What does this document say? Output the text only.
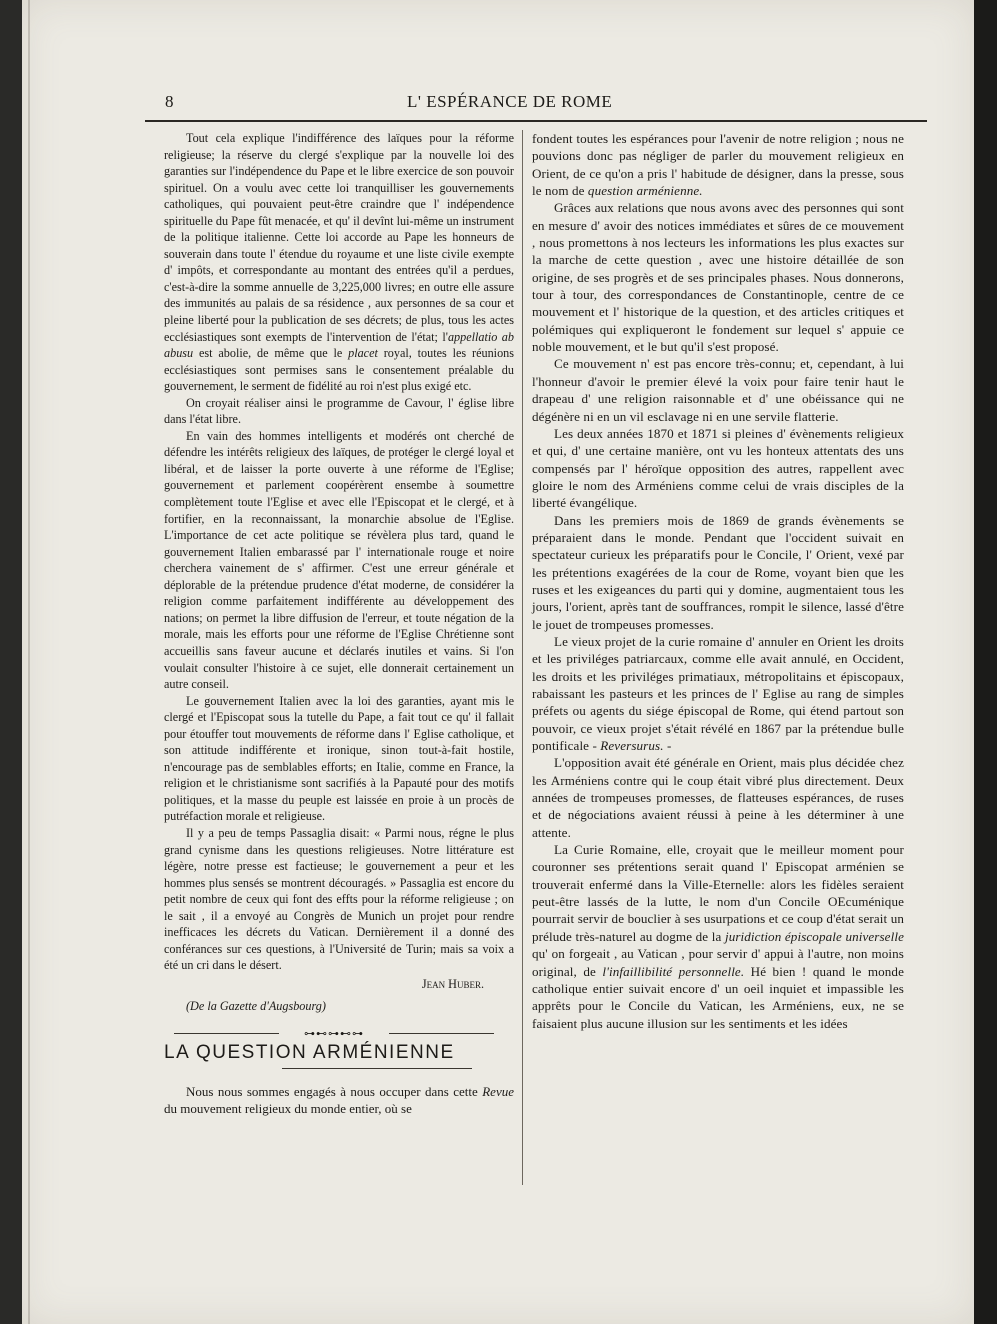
8	L' ESPÉRANCE DE ROME

Tout cela explique l'indifférence des laïques pour la réforme religieuse; la réserve du clergé s'explique par la nouvelle loi des garanties sur l'indépendence du Pape et le libre exercice de son pouvoir spirituel. On a voulu avec cette loi tranquilliser les gouvernements catholiques, qui pouvaient peut-être craindre que l' indépendence spirituelle du Pape fût menacée, et qu' il devînt lui-même un instrument de la politique italienne. Cette loi accorde au Pape les honneurs de souverain dans toute l' étendue du royaume et une liste civile exempte d' impôts, et correspondante au montant des entrées qu'il a perdues, c'est-à-dire la somme annuelle de 3,225,000 livres; en outre elle assure des immunités au palais de sa résidence , aux personnes de sa cour et pleine liberté pour la publication de ses décrets; de plus, tous les actes ecclésiastiques sont exempts de l'intervention de l'état; l'appellatio ab abusu est abolie, de même que le placet royal, toutes les réunions ecclésiastiques sont permises sans le consentement préalable du gouvernement, le serment de fidélité au roi n'est plus exigé etc.

On croyait réaliser ainsi le programme de Cavour, l' église libre dans l'état libre.

En vain des hommes intelligents et modérés ont cherché de défendre les intérêts religieux des laïques, de protéger le clergé loyal et libéral, et de laisser la porte ouverte à une réforme de l'Eglise; gouvernement et parlement coopérèrent ensembe à soumettre complètement toute l'Eglise et avec elle l'Episcopat et le clergé, et à fortifier, en la reconnaissant, la monarchie absolue de l'Eglise. L'importance de cet acte politique se révèlera plus tard, quand le gouvernement Italien embarassé par l' internationale rouge et noire cherchera vainement de s' affirmer. C'est une erreur générale et déplorable de la prétendue prudence d'état moderne, de considérer la religion comme parfaitement indifférente au développement des nations; on permet la libre diffusion de l'erreur, et toute négation de la morale, mais les efforts pour une réforme de l'Eglise Chrétienne sont accueillis sans faveur aucune et déclarés inutiles et vains. Si l'on voulait consulter l'histoire à ce sujet, elle donnerait certainement un autre conseil.

Le gouvernement Italien avec la loi des garanties, ayant mis le clergé et l'Episcopat sous la tutelle du Pape, a fait tout ce qu' il fallait pour étouffer tout mouvements de réforme dans l' Eglise catholique, et son attitude indifférente et ironique, sinon tout-à-fait hostile, n'encourage pas de semblables efforts; en Italie, comme en France, la religion et le christianisme sont sacrifiés à la Papauté pour des motifs politiques, et la masse du peuple est laissée en proie à un procès de putréfaction morale et religieuse.

Il y a peu de temps Passaglia disait: « Parmi nous, régne le plus grand cynisme dans les questions religieuses. Notre littérature est légère, notre presse est factieuse; le gouvernement a peur et les hommes plus sensés se montrent découragés. » Passaglia est encore du petit nombre de ceux qui font des effts pour la réforme religieuse ; on le sait , il a envoyé au Congrès de Munich un projet pour rendre inefficaces les décrets du Vatican. Dernièrement il a donné des conférances sur ces questions, à l'Université de Turin; mais sa voix a été un cri dans le désert.

Jean Huber.
(De la Gazette d'Augsbourg)
⊶⊷⊶⊷⊶

LA QUESTION ARMÉNIENNE

Nous nous sommes engagés à nous occuper dans cette Revue du mouvement religieux du monde entier, où se

fondent toutes les espérances pour l'avenir de notre religion ; nous ne pouvions donc pas négliger de parler du mouvement religieux en Orient, de ce qu'on a pris l' habitude de désigner, dans la presse, sous le nom de question arménienne.

Grâces aux relations que nous avons avec des personnes qui sont en mesure d' avoir des notices immédiates et sûres de ce mouvement , nous promettons à nos lecteurs les informations les plus exactes sur la marche de cette question , avec une histoire détaillée de son origine, de ses progrès et de ses principales phases. Nous donnerons, tour à tour, des correspondances de Constantinople, centre de ce mouvement et l' historique de la question, et des articles critiques et polémiques qui expliqueront le fondement sur lequel s' appuie ce noble mouvement, et le but qu'il s'est proposé.

Ce mouvement n' est pas encore très-connu; et, cependant, à lui l'honneur d'avoir le premier élevé la voix pour faire tenir haut le drapeau d' une religion raisonnable et d' une obéissance qui ne dégénère ni en un vil esclavage ni en une servile flatterie.

Les deux années 1870 et 1871 si pleines d' évènements religieux et qui, d' une certaine manière, ont vu les honteux attentats des uns compensés par l' héroïque opposition des autres, rappellent avec gloire le nom des Arméniens comme celui de vrais disciples de la liberté évangélique.

Dans les premiers mois de 1869 de grands évènements se préparaient dans le monde. Pendant que l'occident suivait en spectateur curieux les préparatifs pour le Concile, l' Orient, vexé par les prétentions exagérées de la cour de Rome, voyant bien que les ruses et les exigeances du parti qui y domine, augmentaient tous les jours, l'orient, après tant de souffrances, rompit le silence, lassé d'être le jouet de trompeuses promesses.

Le vieux projet de la curie romaine d' annuler en Orient les droits et les priviléges patriarcaux, comme elle avait annulé, en Occident, les droits et les priviléges primatiaux, métropolitains et épiscopaux, rabaissant les pasteurs et les princes de l' Eglise au rang de simples préfets ou agents du siége épiscopal de Rome, qui étend partout son pouvoir, ce vieux projet s'était révélé en 1867 par la prétendue bulle pontificale - Reversurus. -

L'opposition avait été générale en Orient, mais plus décidée chez les Arméniens contre qui le coup était vibré plus directement. Deux années de trompeuses promesses, de flatteuses espérances, de ruses et de négociations avaient réussi à peine à les déterminer à une attente.

La Curie Romaine, elle, croyait que le meilleur moment pour couronner ses prétentions serait quand l' Episcopat arménien se trouverait enfermé dans la Ville-Eternelle: alors les fidèles seraient peut-être lassés de la lutte, le nom d'un Concile OEcuménique pourrait servir de bouclier à ses usurpations et ce coup d'état serait un prélude très-naturel au dogme de la juridiction épiscopale universelle qu' on forgeait , au Vatican , pour servir d' appui à l'autre, non moins original, de l'infaillibilité personnelle. Hé bien ! quand le monde catholique entier suivait encore d' un oeil inquiet et impassible les apprêts pour le Concile du Vatican, les Arméniens, eux, ne se faisaient plus aucune illusion sur les sentiments et les idées
